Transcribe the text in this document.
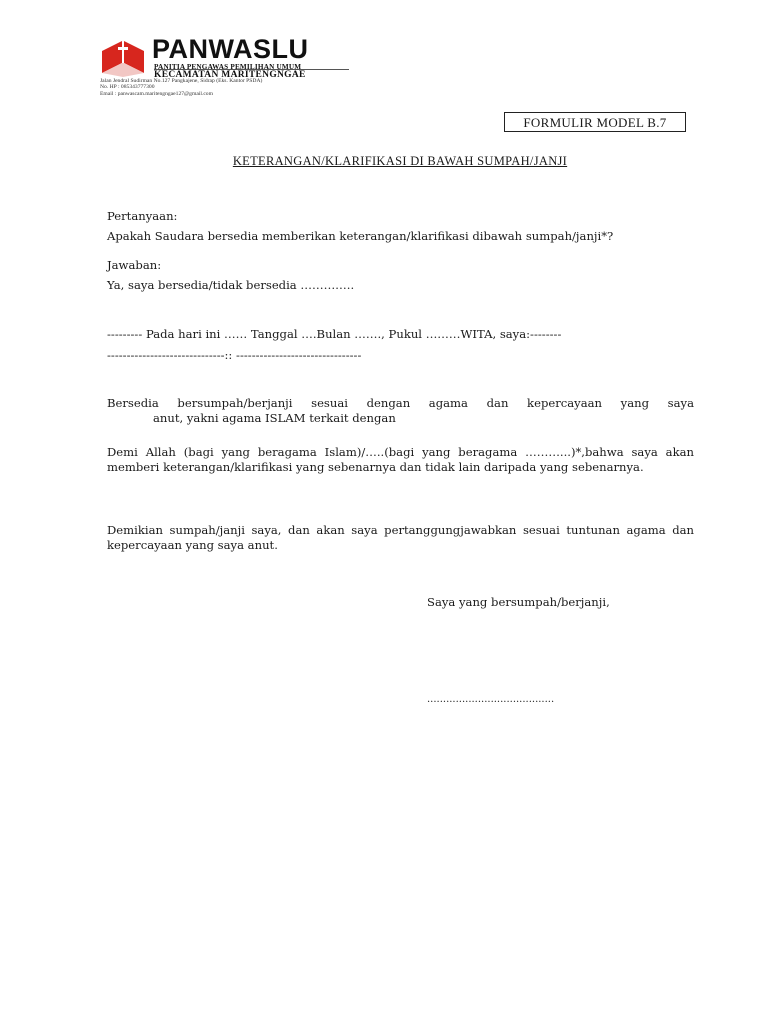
PANWASLU
PANITIA PENGAWAS PEMILIHAN UMUM
KECAMATAN MARITENGNGAE
Jalan Jendral Sudirman No.127 Pangkajene, Sidrap (Eks. Kantor PSDA)
No. HP : 085343777300
Email : panwascam.maritengngae127@gmail.com
FORMULIR MODEL B.7
KETERANGAN/KLARIFIKASI DI BAWAH SUMPAH/JANJI
Pertanyaan:
Apakah Saudara bersedia memberikan keterangan/klarifikasi dibawah sumpah/janji*?
Jawaban:
Ya, saya bersedia/tidak bersedia …………..
--------- Pada hari ini …… Tanggal ….Bulan ……., Pukul ………WITA, saya:--------
------------------------------:: --------------------------------
Bersedia bersumpah/berjanji sesuai dengan agama dan kepercayaan yang saya
anut, yakni agama ISLAM terkait dengan
Demi Allah (bagi yang beragama Islam)/…..(bagi yang beragama ………...)*,bahwa saya akan memberi keterangan/klarifikasi yang sebenarnya dan tidak lain daripada yang sebenarnya.
Demikian sumpah/janji saya, dan akan saya pertanggungjawabkan sesuai tuntunan agama dan kepercayaan yang saya anut.
Saya yang bersumpah/berjanji,
........................................
